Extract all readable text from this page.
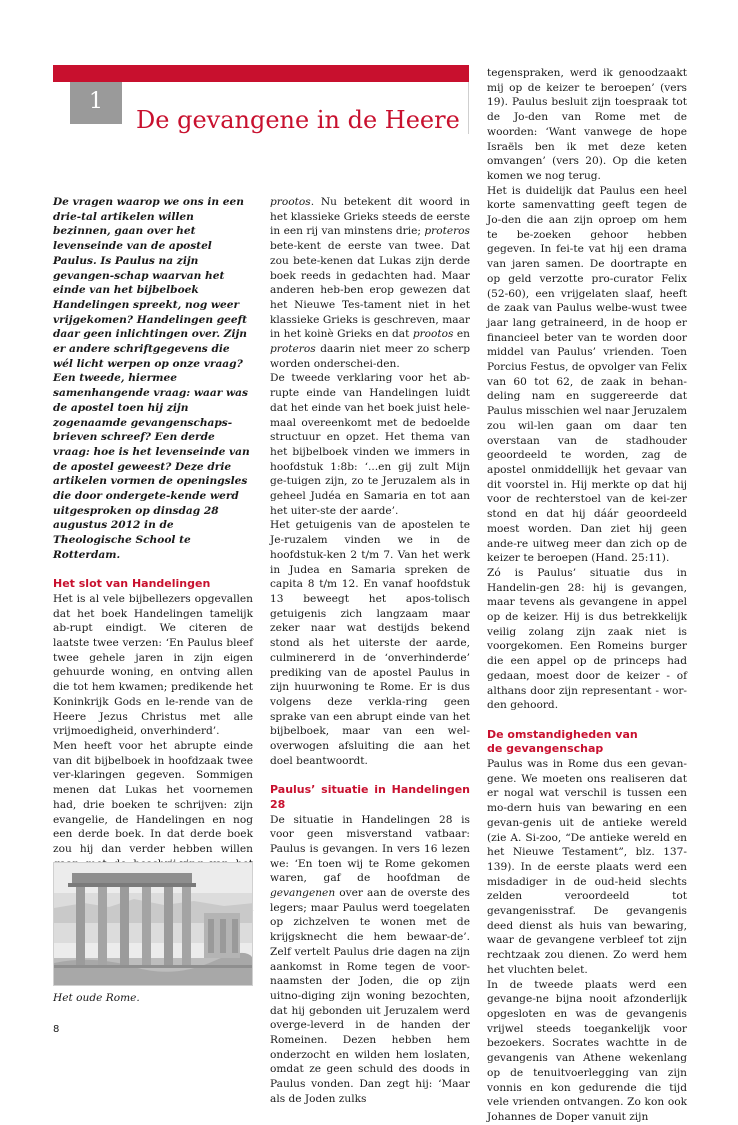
1
De gevangene in de Heere

De vragen waarop we ons in een drie-tal artikelen willen bezinnen, gaan over het levenseinde van de apostel Paulus. Is Paulus na zijn gevangen-schap waarvan het einde van het bijbelboek Handelingen spreekt, nog weer vrijgekomen? Handelingen geeft daar geen inlichtingen over. Zijn er andere schriftgegevens die wél licht werpen op onze vraag? Een tweede, hiermee samenhangende vraag: waar was de apostel toen hij zijn zogenaamde gevangenschaps-brieven schreef? Een derde vraag: hoe is het levenseinde van de apostel geweest? Deze drie artikelen vormen de openingsles die door ondergete-kende werd uitgesproken op dinsdag 28 augustus 2012 in de Theologische School te Rotterdam.

Het slot van Handelingen

Het is al vele bijbellezers opgevallen dat het boek Handelingen tamelijk ab-rupt eindigt. We citeren de laatste twee verzen: ‘En Paulus bleef twee gehele jaren in zijn eigen gehuurde woning, en ontving allen die tot hem kwamen; predikende het Koninkrijk Gods en le-rende van de Heere Jezus Christus met alle vrijmoedigheid, onverhinderd’.

Men heeft voor het abrupte einde van dit bijbelboek in hoofdzaak twee ver-klaringen gegeven. Sommigen menen dat Lukas het voornemen had, drie boeken te schrijven: zijn evangelie, de Handelingen en nog een derde boek. In dat derde boek zou hij dan verder hebben willen

Het oude Rome.

prootos. Nu betekent dit woord in het klassieke Grieks steeds de eerste in een rij van minstens drie; proteros bete-kent de eerste van twee. Dat zou bete-kenen dat Lukas zijn derde boek reeds in gedachten had. Maar anderen heb-ben erop gewezen dat het Nieuwe Tes-tament niet in het klassieke Grieks is geschreven, maar in het koinè Grieks en dat prootos en proteros daarin niet meer zo scherp worden onderschei-den.

De tweede verklaring voor het ab-rupte einde van Handelingen luidt dat het einde van het boek juist hele-maal overeenkomt met de bedoelde structuur en opzet. Het thema van het bijbelboek vinden we immers in hoofdstuk 1:8b: ‘...en gij zult Mijn ge-tuigen zijn, zo te Jeruzalem als in geheel Judéa en Samaria en tot aan het uiter-ste der aarde’.

Het getuigenis van de apostelen te Je-ruzalem vinden we in de hoofdstuk-ken 2 t/m 7. Van het werk in Judea en Samaria spreken de capita 8 t/m 12. En vanaf hoofdstuk 13 beweegt het apos-tolisch getuigenis zich langzaam maar zeker naar wat destijds bekend stond als het uiterste der aarde, culminererd in de ‘onverhinderde’ prediking van de apostel Paulus in zijn huurwoning te Rome. Er is dus volgens deze verkla-ring geen sprake van een abrupt einde van het bijbelboek, maar van een wel-overwogen afsluiting die aan het doel beantwoordt.

Paulus’ situatie in Handelingen 28

De situatie in Handelingen 28 is voor geen misverstand vatbaar: Paulus is gevangen. In vers 16 lezen we: ‘En toen wij te Rome gekomen waren, gaf de hoofdman de gevangenen over aan de overste des legers; maar Paulus werd toegelaten op zichzelven te wonen met de krijgsknecht die hem bewaar-de’. Zelf vertelt Paulus drie dagen na zijn aankomst in Rome tegen de voor-naamsten der Joden, die op zijn uitno-diging zijn woning bezochten, dat hij gebonden uit Jeruzalem werd overge-leverd in de handen der Romeinen. Dezen hebben hem onderzocht en wilden hem loslaten, omdat ze geen schuld des doods in Paulus vonden. Dan zegt hij: ‘Maar als de Joden zulks

tegenspraken, werd ik genoodzaakt mij op de keizer te beroepen’ (vers 19). Paulus besluit zijn toespraak tot de Jo-den van Rome met de woorden: ‘Want vanwege de hope Israëls ben ik met deze keten omvangen’ (vers 20). Op die keten komen we nog terug.

Het is duidelijk dat Paulus een heel korte samenvatting geeft tegen de Jo-den die aan zijn oproep om hem te be-zoeken gehoor hebben gegeven. In fei-te vat hij een drama van jaren samen. De doortrapte en op geld verzotte pro-curator Felix (52-60), een vrijgelaten slaaf, heeft de zaak van Paulus welbe-wust twee jaar lang getraineerd, in de hoop er financieel beter van te worden door middel van Paulus’ vrienden. Toen Porcius Festus, de opvolger van Felix van 60 tot 62, de zaak in behan-deling nam en suggereerde dat Paulus misschien wel naar Jeruzalem zou wil-len gaan om daar ten overstaan van de stadhouder geoordeeld te worden, zag de apostel onmiddellijk het gevaar van dit voorstel in. Hij merkte op dat hij voor de rechterstoel van de kei-zer stond en dat hij dáár geoordeeld moest worden. Dan ziet hij geen ande-re uitweg meer dan zich op de keizer te beroepen (Hand. 25:11).

Zó is Paulus’ situatie dus in Handelin-gen 28: hij is gevangen, maar tevens als gevangene in appel op de keizer. Hij is dus betrekkelijk veilig zolang zijn zaak niet is voorgekomen. Een Romeins burger die een appel op de princeps had gedaan, moest door de keizer - of althans door zijn representant - wor-den gehoord.

De omstandigheden van
de gevangenschap

Paulus was in Rome dus een gevan-gene. We moeten ons realiseren dat er nogal wat verschil is tussen een mo-dern huis van bewaring en een gevan-genis uit de antieke wereld (zie A. Si-zoo, “De antieke wereld en het Nieuwe Testament”, blz. 137-139). In de eerste plaats werd een misdadiger in de oud-heid slechts zelden veroordeeld tot gevangenisstraf. De gevangenis deed dienst als huis van bewaring, waar de gevangene verbleef tot zijn rechtzaak zou dienen. Zo werd hem het vluchten belet.

In de tweede plaats werd een gevange-ne bijna nooit afzonderlijk opgesloten en was de gevangenis vrijwel steeds toegankelijk voor bezoekers. Socrates wachtte in de gevangenis van Athene wekenlang op de tenuitvoerlegging van zijn vonnis en kon gedurende die tijd vele vrienden ontvangen. Zo kon ook Johannes de Doper vanuit zijn

8
